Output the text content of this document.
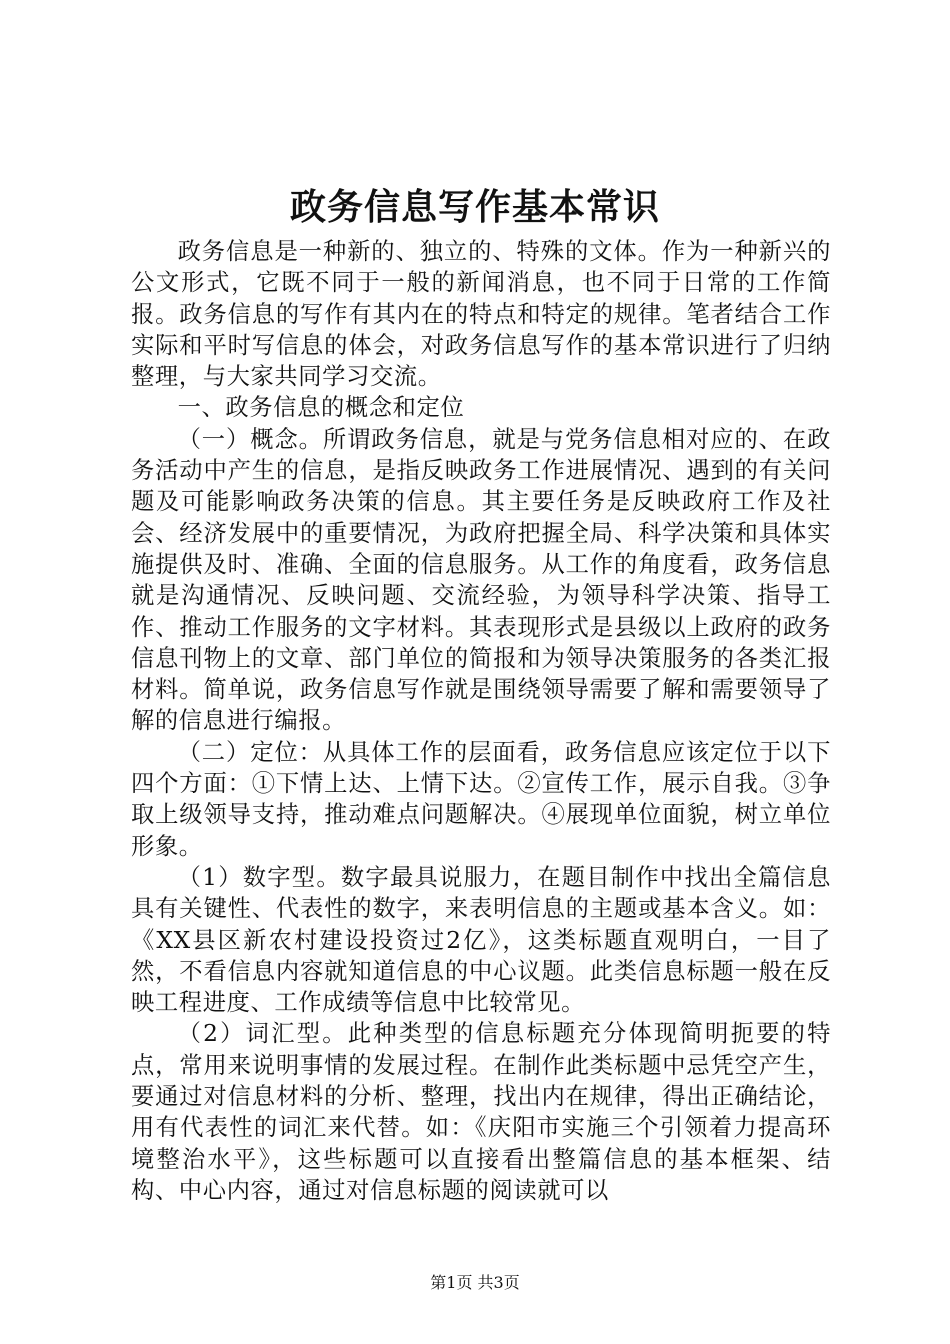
政务信息写作基本常识

政务信息是一种新的、独立的、特殊的文体。作为一种新兴的公文形式，它既不同于一般的新闻消息，也不同于日常的工作简报。政务信息的写作有其内在的特点和特定的规律。笔者结合工作实际和平时写信息的体会，对政务信息写作的基本常识进行了归纳整理，与大家共同学习交流。

一、政务信息的概念和定位

（一）概念。所谓政务信息，就是与党务信息相对应的、在政务活动中产生的信息，是指反映政务工作进展情况、遇到的有关问题及可能影响政务决策的信息。其主要任务是反映政府工作及社会、经济发展中的重要情况，为政府把握全局、科学决策和具体实施提供及时、准确、全面的信息服务。从工作的角度看，政务信息就是沟通情况、反映问题、交流经验，为领导科学决策、指导工作、推动工作服务的文字材料。其表现形式是县级以上政府的政务信息刊物上的文章、部门单位的简报和为领导决策服务的各类汇报材料。简单说，政务信息写作就是围绕领导需要了解和需要领导了解的信息进行编报。

（二）定位：从具体工作的层面看，政务信息应该定位于以下四个方面：①下情上达、上情下达。②宣传工作，展示自我。③争取上级领导支持，推动难点问题解决。④展现单位面貌，树立单位形象。

（1）数字型。数字最具说服力，在题目制作中找出全篇信息具有关键性、代表性的数字，来表明信息的主题或基本含义。如：《XX县区新农村建设投资过2亿》，这类标题直观明白，一目了然，不看信息内容就知道信息的中心议题。此类信息标题一般在反映工程进度、工作成绩等信息中比较常见。

（2）词汇型。此种类型的信息标题充分体现简明扼要的特点，常用来说明事情的发展过程。在制作此类标题中忌凭空产生，要通过对信息材料的分析、整理，找出内在规律，得出正确结论，用有代表性的词汇来代替。如：《庆阳市实施三个引领着力提高环境整治水平》，这些标题可以直接看出整篇信息的基本框架、结构、中心内容，通过对信息标题的阅读就可以

第1页 共3页
